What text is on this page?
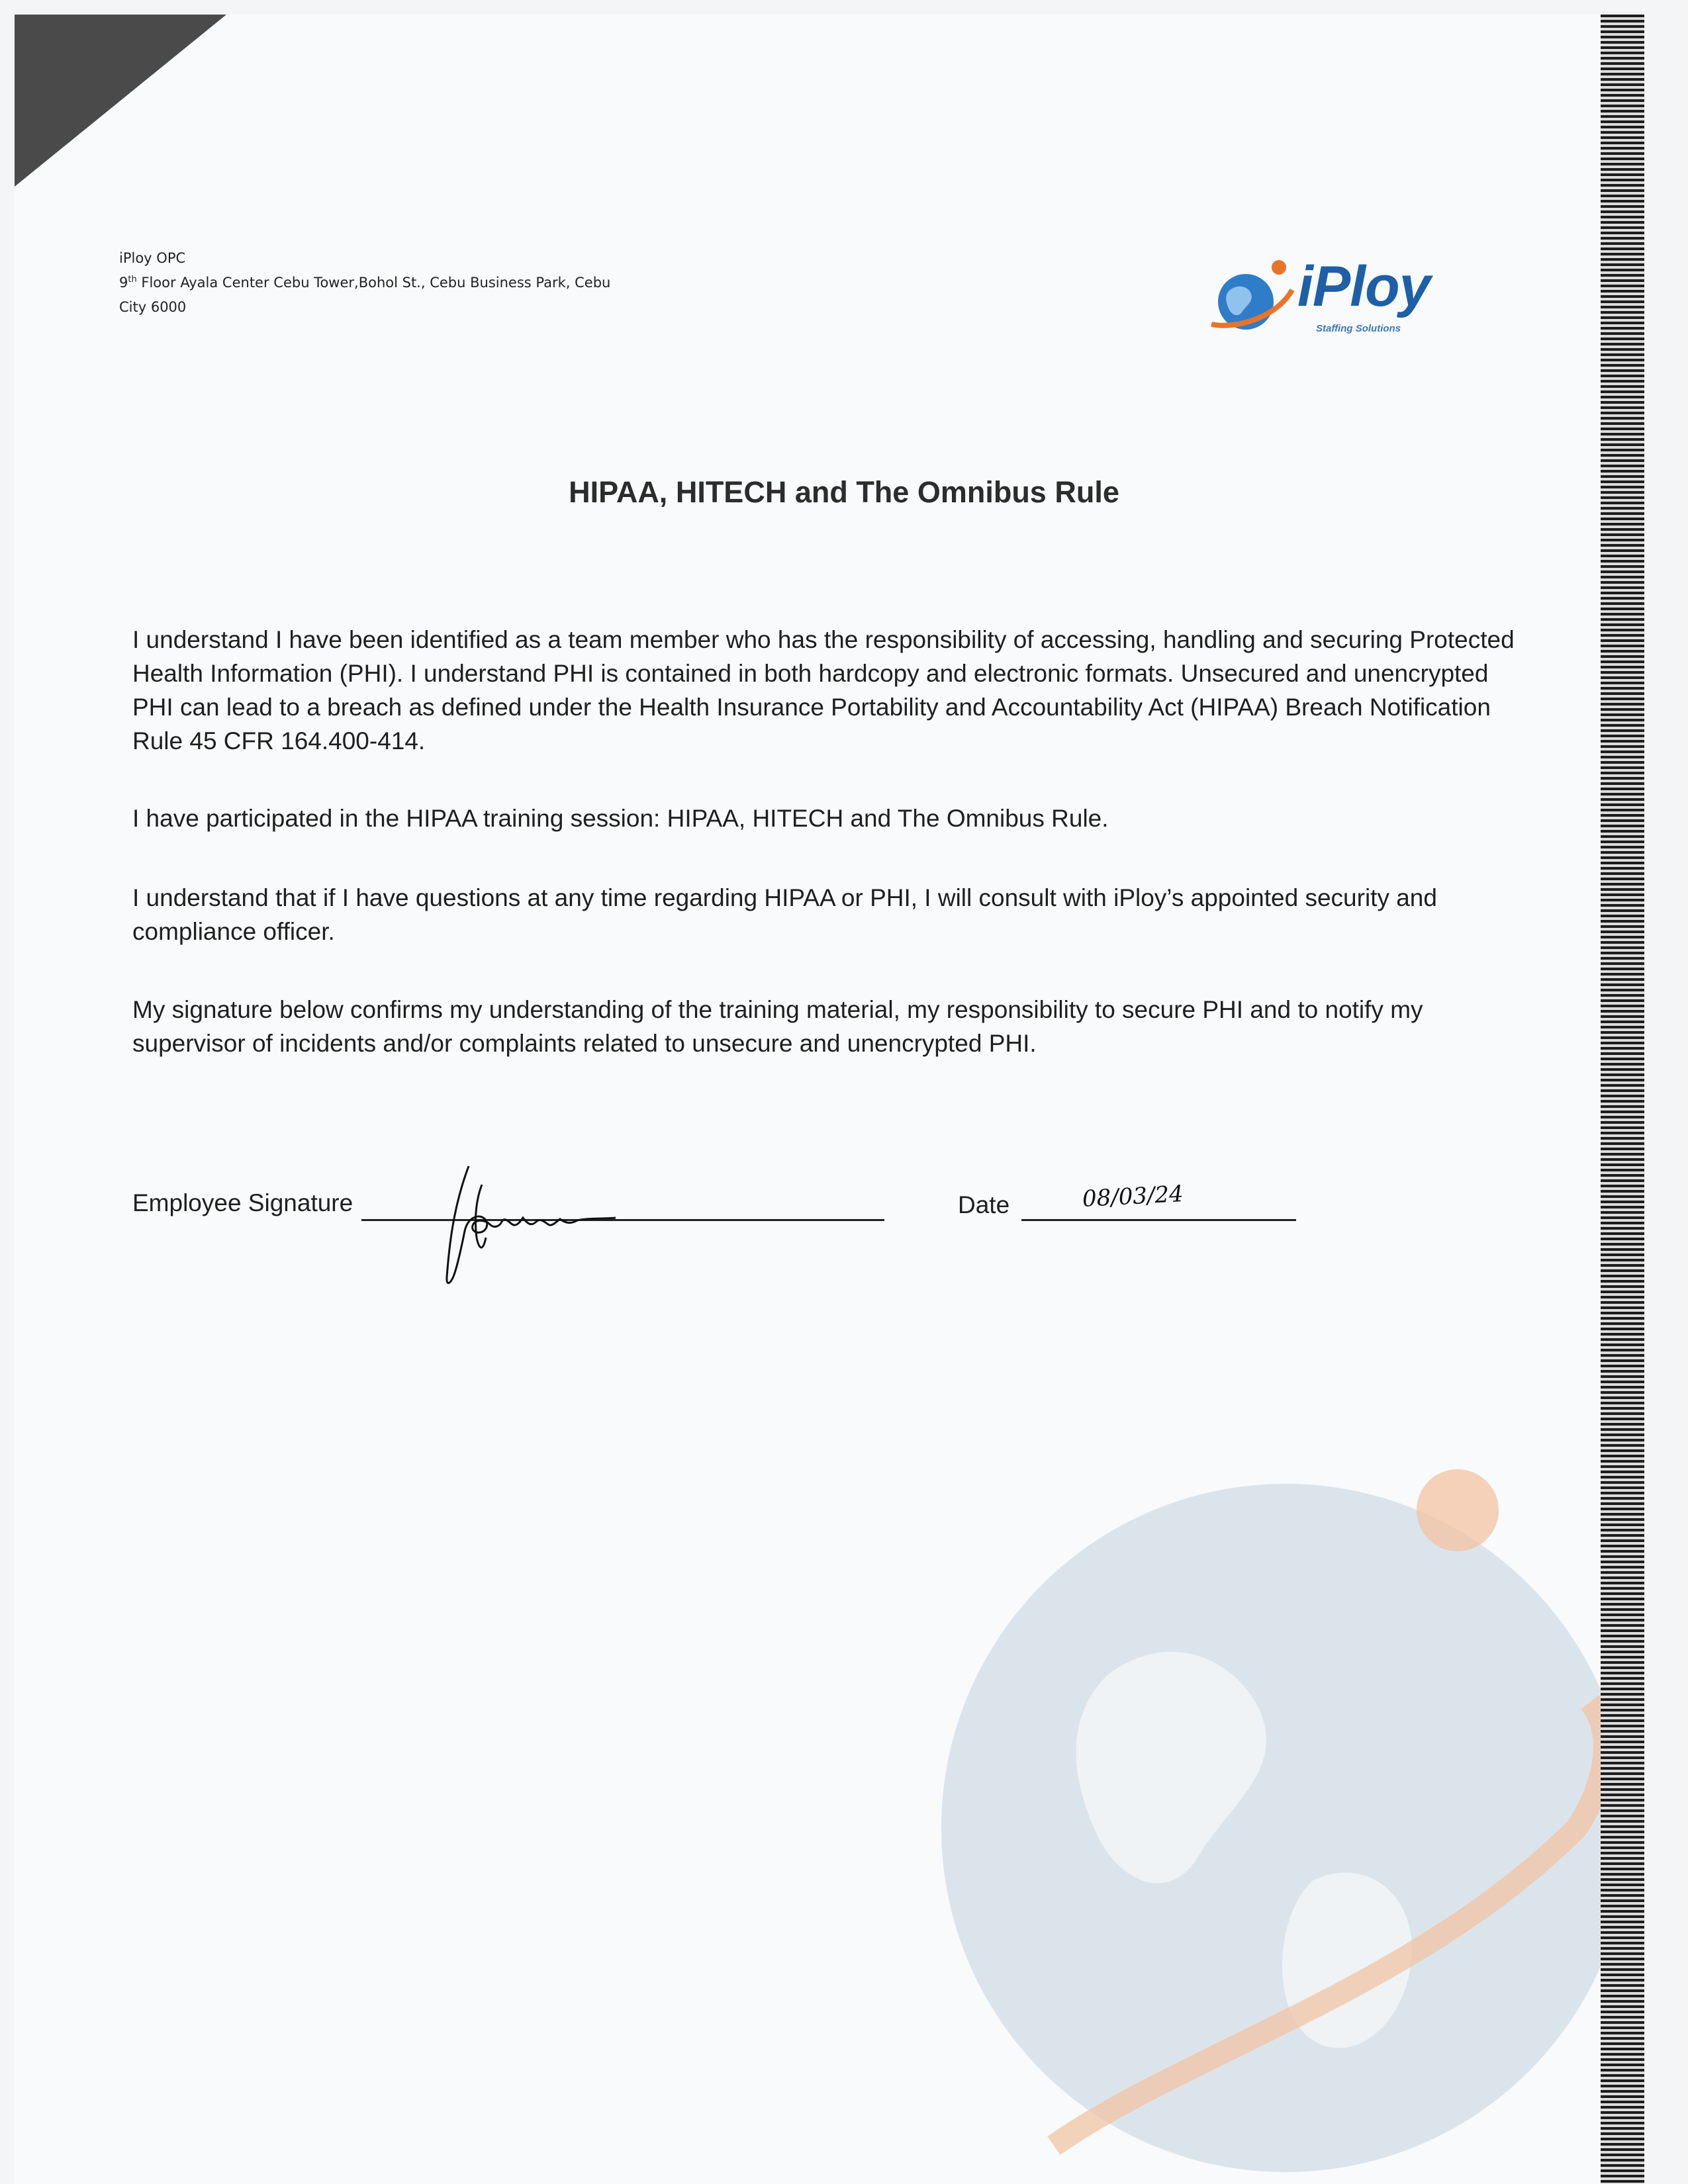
iPloy OPC
9th Floor Ayala Center Cebu Tower,Bohol St., Cebu Business Park, Cebu
City 6000	iPloy
Staffing Solutions
HIPAA, HITECH and The Omnibus Rule
I understand I have been identified as a team member who has the responsibility of accessing, handling and securing Protected Health Information (PHI). I understand PHI is contained in both hardcopy and electronic formats. Unsecured and unencrypted PHI can lead to a breach as defined under the Health Insurance Portability and Accountability Act (HIPAA) Breach Notification Rule 45 CFR 164.400-414.
I have participated in the HIPAA training session: HIPAA, HITECH and The Omnibus Rule.
I understand that if I have questions at any time regarding HIPAA or PHI, I will consult with iPloy’s appointed security and compliance officer.
My signature below confirms my understanding of the training material, my responsibility to secure PHI and to notify my supervisor of incidents and/or complaints related to unsecure and unencrypted PHI.
Employee Signature	Date	08/03/24
